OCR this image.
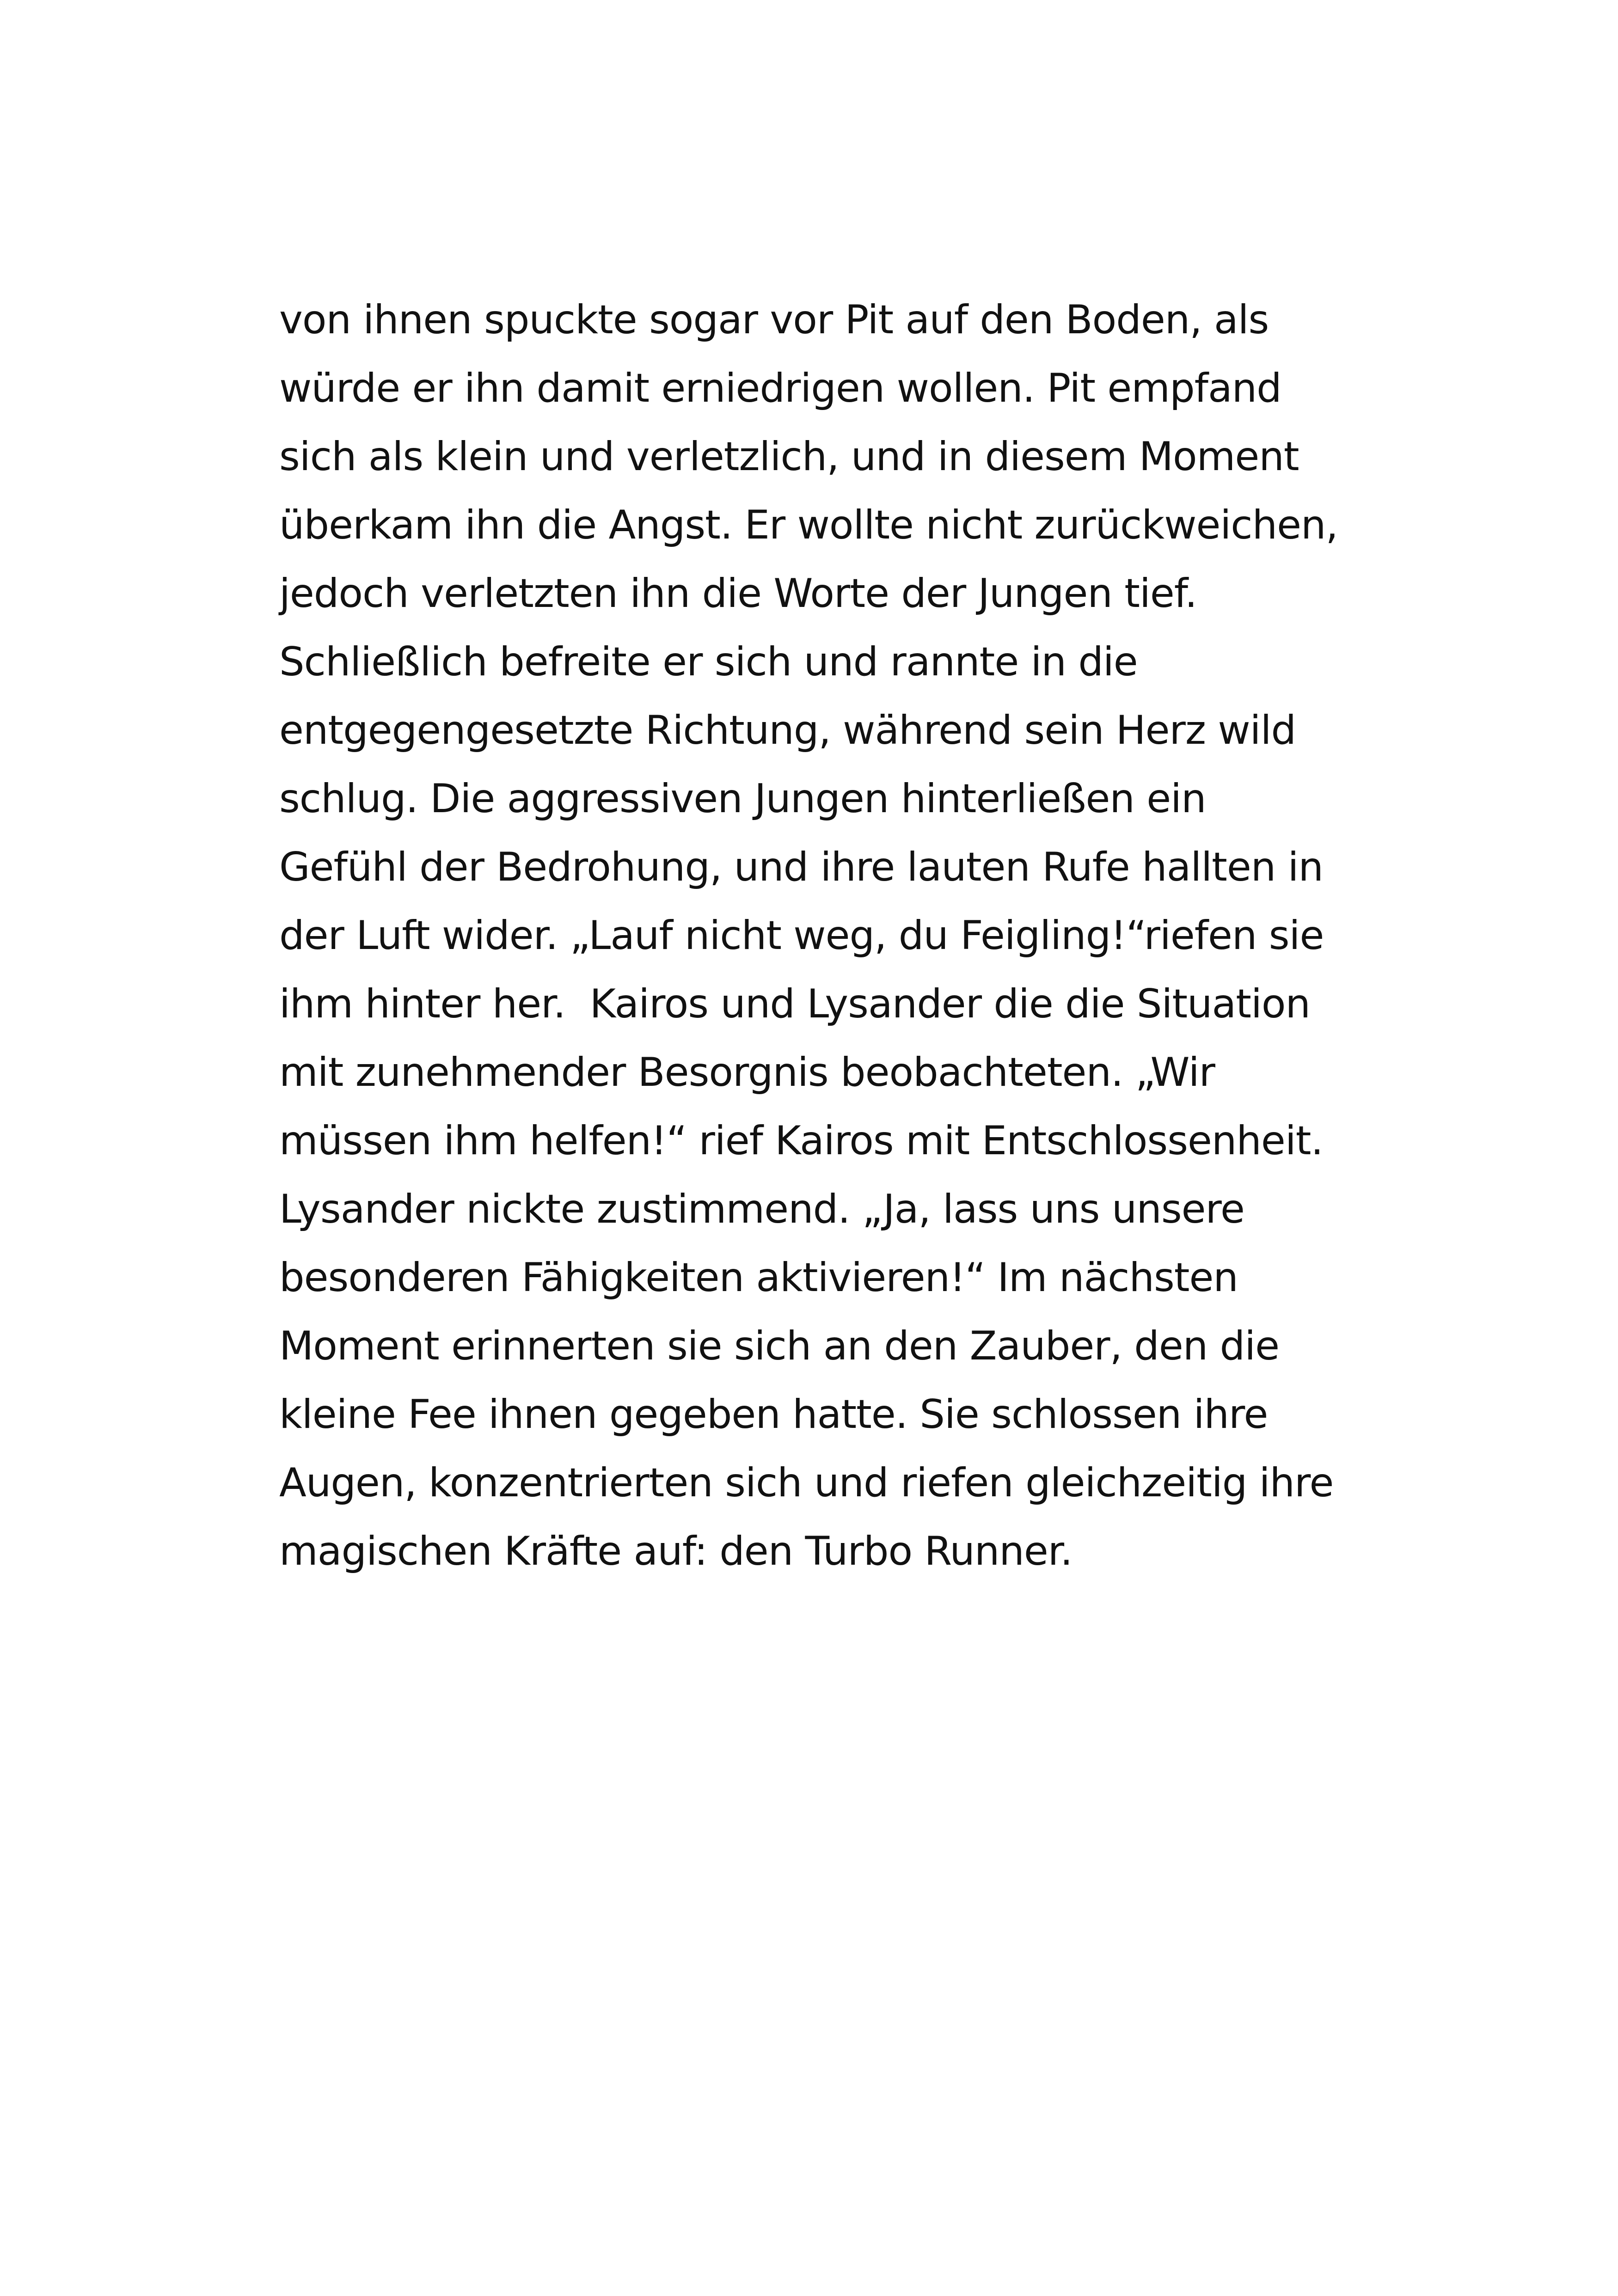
von ihnen spuckte sogar vor Pit auf den Boden, als
würde er ihn damit erniedrigen wollen. Pit empfand
sich als klein und verletzlich, und in diesem Moment
überkam ihn die Angst. Er wollte nicht zurückweichen,
jedoch verletzten ihn die Worte der Jungen tief.
Schließlich befreite er sich und rannte in die
entgegengesetzte Richtung, während sein Herz wild
schlug. Die aggressiven Jungen hinterließen ein
Gefühl der Bedrohung, und ihre lauten Rufe hallten in
der Luft wider. „Lauf nicht weg, du Feigling!“riefen sie
ihm hinter her.  Kairos und Lysander die die Situation
mit zunehmender Besorgnis beobachteten. „Wir
müssen ihm helfen!“ rief Kairos mit Entschlossenheit.
Lysander nickte zustimmend. „Ja, lass uns unsere
besonderen Fähigkeiten aktivieren!“ Im nächsten
Moment erinnerten sie sich an den Zauber, den die
kleine Fee ihnen gegeben hatte. Sie schlossen ihre
Augen, konzentrierten sich und riefen gleichzeitig ihre
magischen Kräfte auf: den Turbo Runner.
